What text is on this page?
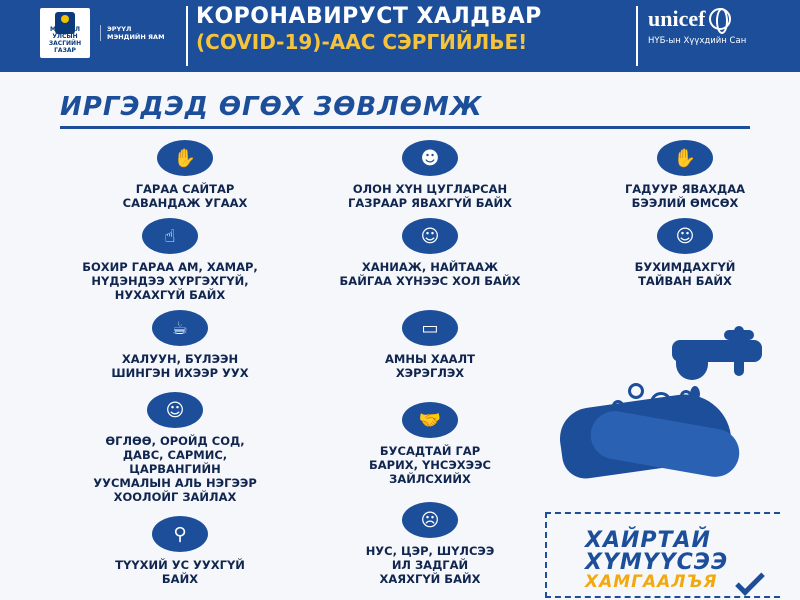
МОНГОЛ УЛСЫН ЗАСГИЙН ГАЗАР
ЭРҮҮЛ
МЭНДИЙН ЯАМ
КОРОНАВИРУСТ ХАЛДВАР
(COVID-19)-ААС СЭРГИЙЛЬЕ!
unicef
НҮБ-ын Хүүхдийн Сан
ИРГЭДЭД ӨГӨХ ЗӨВЛӨМЖ
✋
ГАРАА САЙТАР
САВАНДАЖ УГААХ
☻
ОЛОН ХҮН ЦУГЛАРСАН
ГАЗРААР ЯВАХГҮЙ БАЙХ
✋
ГАДУУР ЯВАХДАА
БЭЭЛИЙ ӨМСӨХ
☝
БОХИР ГАРАА АМ, ХАМАР,
НҮДЭНДЭЭ ХҮРГЭХГҮЙ,
НУХАХГҮЙ БАЙХ
☺
ХАНИАЖ, НАЙТААЖ
БАЙГАА ХҮНЭЭС ХОЛ БАЙХ
☺
БУХИМДАХГҮЙ
ТАЙВАН БАЙХ
☕
ХАЛУУН, БҮЛЭЭН
ШИНГЭН ИХЭЭР УУХ
▭
АМНЫ ХААЛТ
ХЭРЭГЛЭХ
☺
ӨГЛӨӨ, ОРОЙД СОД,
ДАВС, САРМИС,
ЦАРВАНГИЙН
УУСМАЛЫН АЛЬ НЭГЭЭР
ХООЛОЙГ ЗАЙЛАХ
🤝
БУСАДТАЙ ГАР
БАРИХ, ҮНСЭХЭЭС
ЗАЙЛСХИЙХ
⚲
ТҮҮХИЙ УС УУХГҮЙ
БАЙХ
☹
НУС, ЦЭР, ШҮЛСЭЭ
ИЛ ЗАДГАЙ
ХАЯХГҮЙ БАЙХ
ХАЙРТАЙ
ХҮМҮҮСЭЭ
ХАМГААЛЪЯ
